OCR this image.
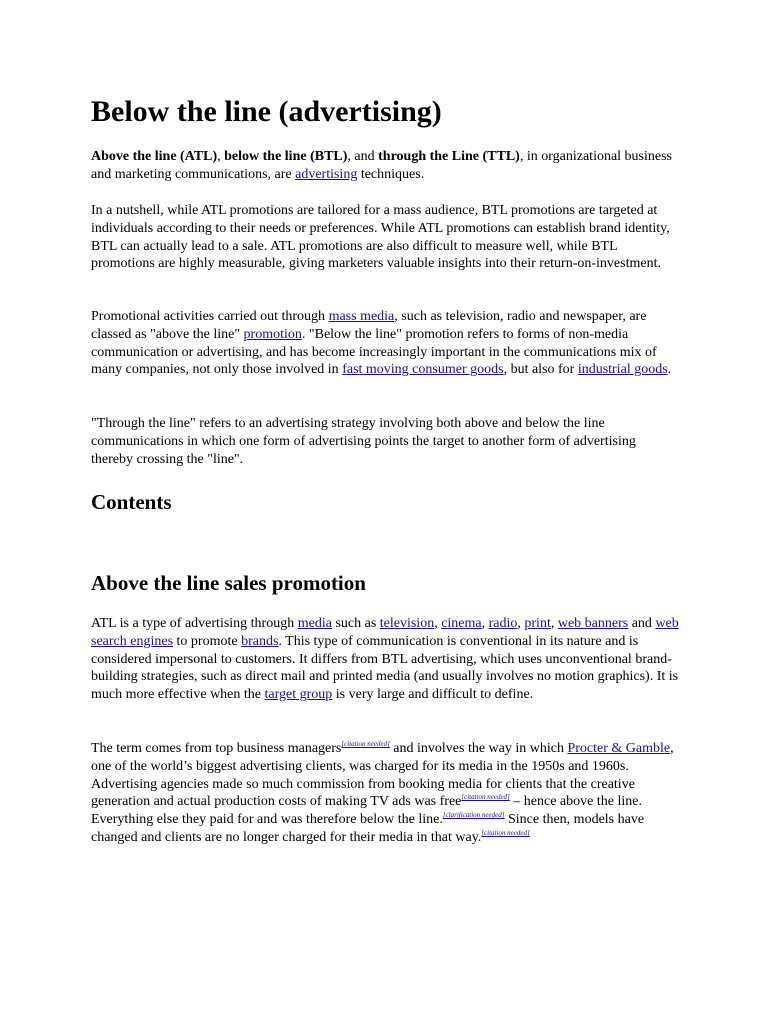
Below the line (advertising)

Above the line (ATL), below the line (BTL), and through the Line (TTL), in organizational business and marketing communications, are advertising techniques.

In a nutshell, while ATL promotions are tailored for a mass audience, BTL promotions are targeted at individuals according to their needs or preferences. While ATL promotions can establish brand identity, BTL can actually lead to a sale. ATL promotions are also difficult to measure well, while BTL promotions are highly measurable, giving marketers valuable insights into their return-on-investment.

Promotional activities carried out through mass media, such as television, radio and newspaper, are classed as "above the line" promotion. "Below the line" promotion refers to forms of non-media communication or advertising, and has become increasingly important in the communications mix of many companies, not only those involved in fast moving consumer goods, but also for industrial goods.

"Through the line" refers to an advertising strategy involving both above and below the line communications in which one form of advertising points the target to another form of advertising thereby crossing the "line".

Contents
Above the line sales promotion

ATL is a type of advertising through media such as television, cinema, radio, print, web banners and web search engines to promote brands. This type of communication is conventional in its nature and is considered impersonal to customers. It differs from BTL advertising, which uses unconventional brand-building strategies, such as direct mail and printed media (and usually involves no motion graphics). It is much more effective when the target group is very large and difficult to define.

The term comes from top business managers[citation needed] and involves the way in which Procter & Gamble, one of the world’s biggest advertising clients, was charged for its media in the 1950s and 1960s. Advertising agencies made so much commission from booking media for clients that the creative generation and actual production costs of making TV ads was free[citation needed] – hence above the line. Everything else they paid for and was therefore below the line.[clarification needed] Since then, models have changed and clients are no longer charged for their media in that way.[citation needed]
